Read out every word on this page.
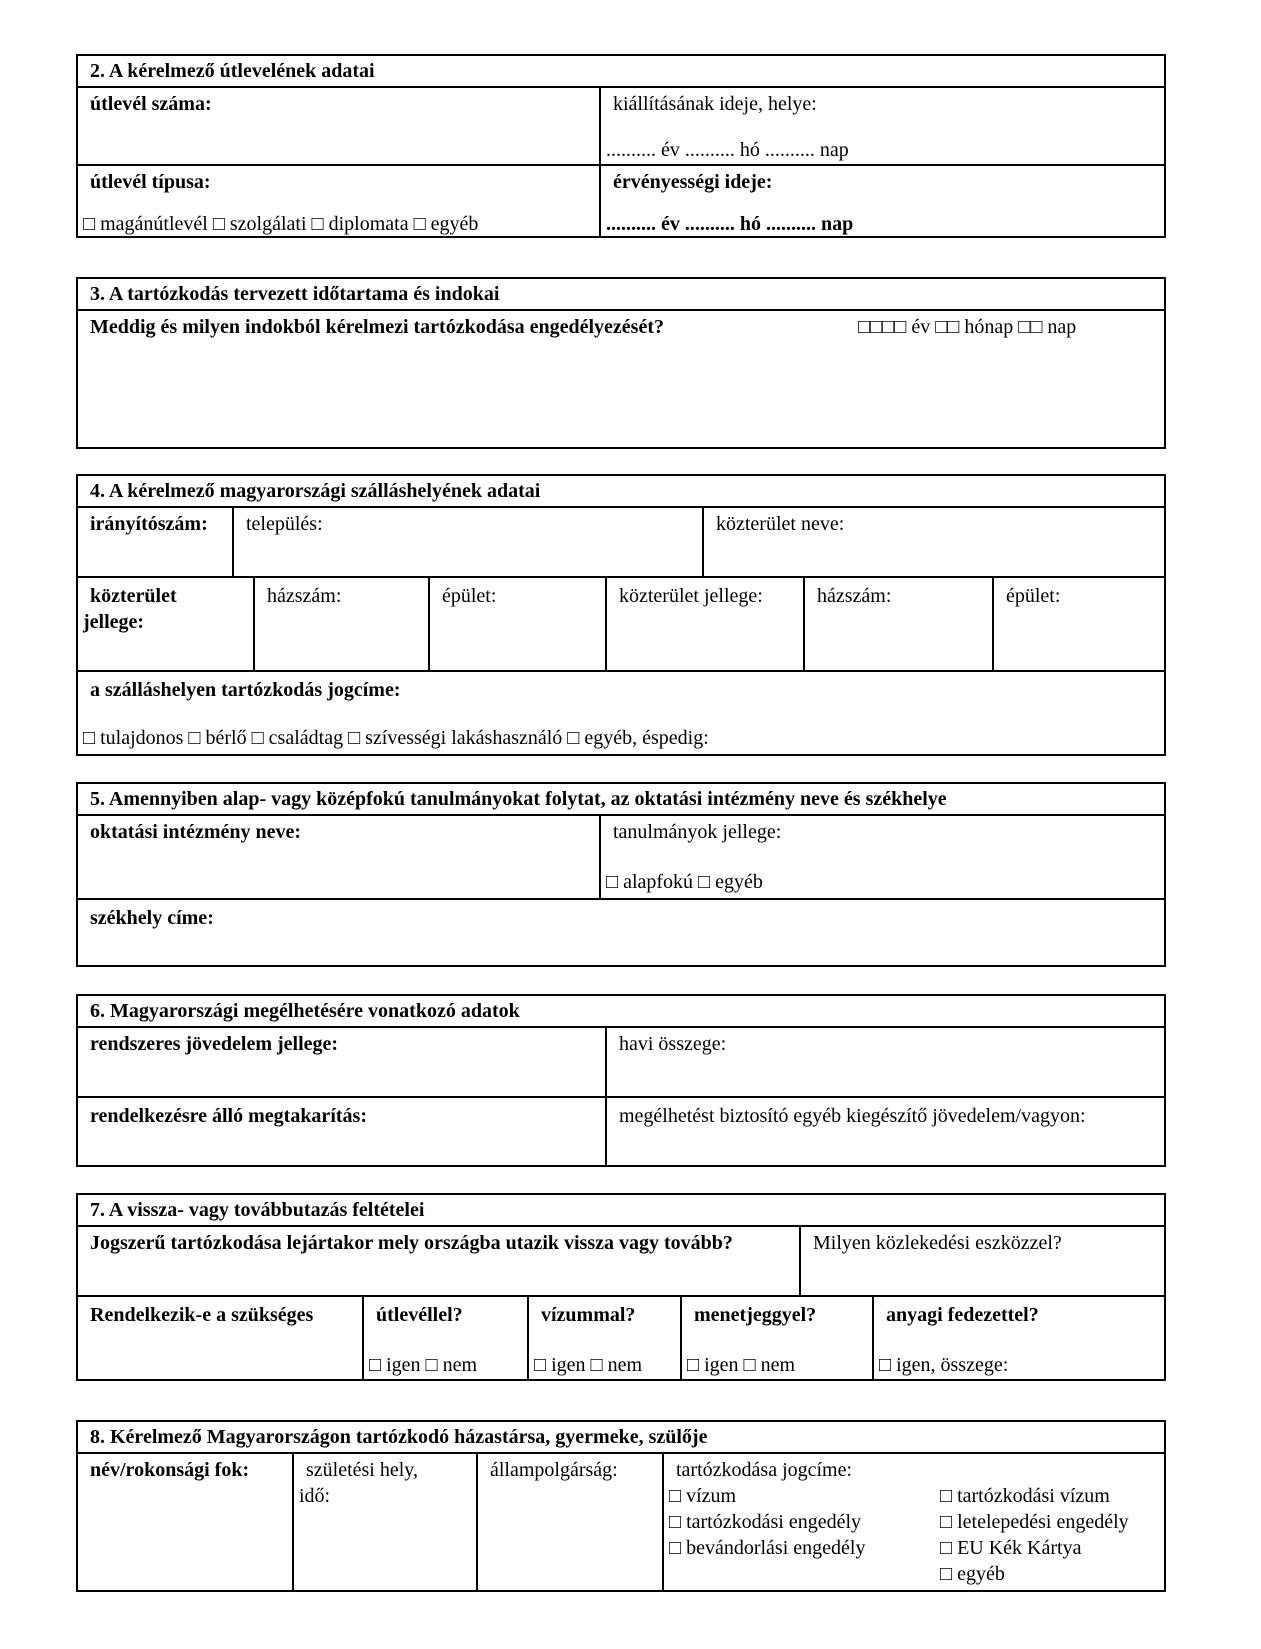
2. A kérelmező útlevelének adatai
útlevél száma:	kiállításának ideje, helye:
.......... év .......... hó .......... nap
útlevél típusa:
□ magánútlevél □ szolgálati □ diplomata □ egyéb
érvényességi ideje:
.......... év .......... hó .......... nap
3. A tartózkodás tervezett időtartama és indokai
Meddig és milyen indokból kérelmezi tartózkodása engedélyezését?	□□□□ év □□ hónap □□ nap
4. A kérelmező magyarországi szálláshelyének adatai
irányítószám: település:	közterület neve:
közterület
jellege:
házszám:	épület:	közterület jellege:	házszám:	épület:
a szálláshelyen tartózkodás jogcíme:
□ tulajdonos □ bérlő □ családtag □ szívességi lakáshasználó □ egyéb, éspedig:
5. Amennyiben alap- vagy középfokú tanulmányokat folytat, az oktatási intézmény neve és székhelye
oktatási intézmény neve:	tanulmányok jellege:
□ alapfokú □ egyéb
székhely címe:
6. Magyarországi megélhetésére vonatkozó adatok
rendszeres jövedelem jellege:	havi összege:
rendelkezésre álló megtakarítás:	megélhetést biztosító egyéb kiegészítő jövedelem/vagyon:
7. A vissza- vagy továbbutazás feltételei
Jogszerű tartózkodása lejártakor mely országba utazik vissza vagy tovább?	Milyen közlekedési eszközzel?
Rendelkezik-e a szükséges	útlevéllel?
□ igen □ nem
vízummal?
□ igen □ nem
menetjeggyel?
□ igen □ nem
anyagi fedezettel?
□ igen, összege:
8. Kérelmező Magyarországon tartózkodó házastársa, gyermeke, szülője
név/rokonsági fok:	születési hely,
idő:
állampolgárság:	tartózkodása jogcíme:
□ vízum
□ tartózkodási engedély
□ bevándorlási engedély
□ tartózkodási vízum
□ letelepedési engedély
□ EU Kék Kártya
□ egyéb
